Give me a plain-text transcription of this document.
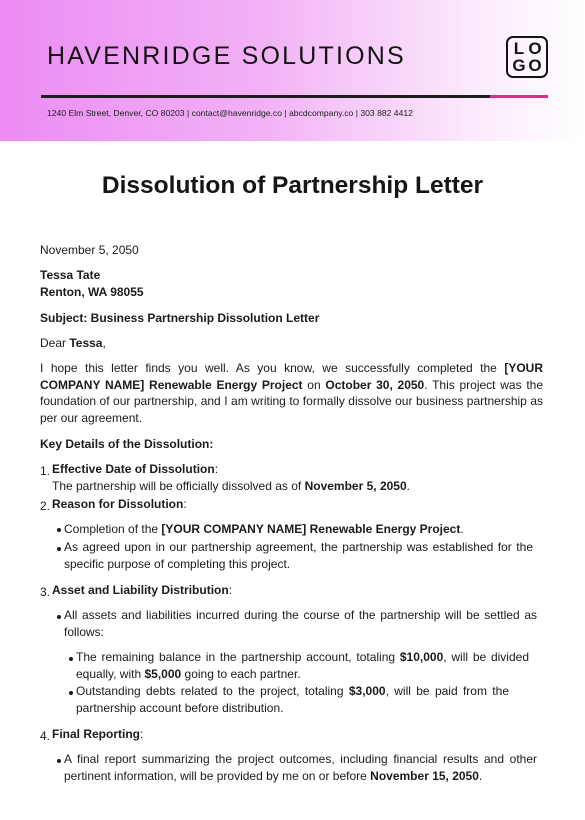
HAVENRIDGE SOLUTIONS	L O
G O
1240 Elm Street, Denver, CO 80203 | contact@havenridge.co | abcdcompany.co | 303 882 4412
Dissolution of Partnership Letter
November 5, 2050
Tessa Tate
Renton, WA 98055
Subject: Business Partnership Dissolution Letter
Dear Tessa,
I hope this letter finds you well. As you know, we successfully completed the [YOUR COMPANY NAME] Renewable Energy Project on October 30, 2050. This project was the foundation of our partnership, and I am writing to formally dissolve our business partnership as per our agreement.
Key Details of the Dissolution:
1. Effective Date of Dissolution:
The partnership will be officially dissolved as of November 5, 2050.
2. Reason for Dissolution:
Completion of the [YOUR COMPANY NAME] Renewable Energy Project.
As agreed upon in our partnership agreement, the partnership was established for the specific purpose of completing this project.
3. Asset and Liability Distribution:
All assets and liabilities incurred during the course of the partnership will be settled as follows:
The remaining balance in the partnership account, totaling $10,000, will be divided equally, with $5,000 going to each partner.
Outstanding debts related to the project, totaling $3,000, will be paid from the partnership account before distribution.
4. Final Reporting:
A final report summarizing the project outcomes, including financial results and other pertinent information, will be provided by me on or before November 15, 2050.
